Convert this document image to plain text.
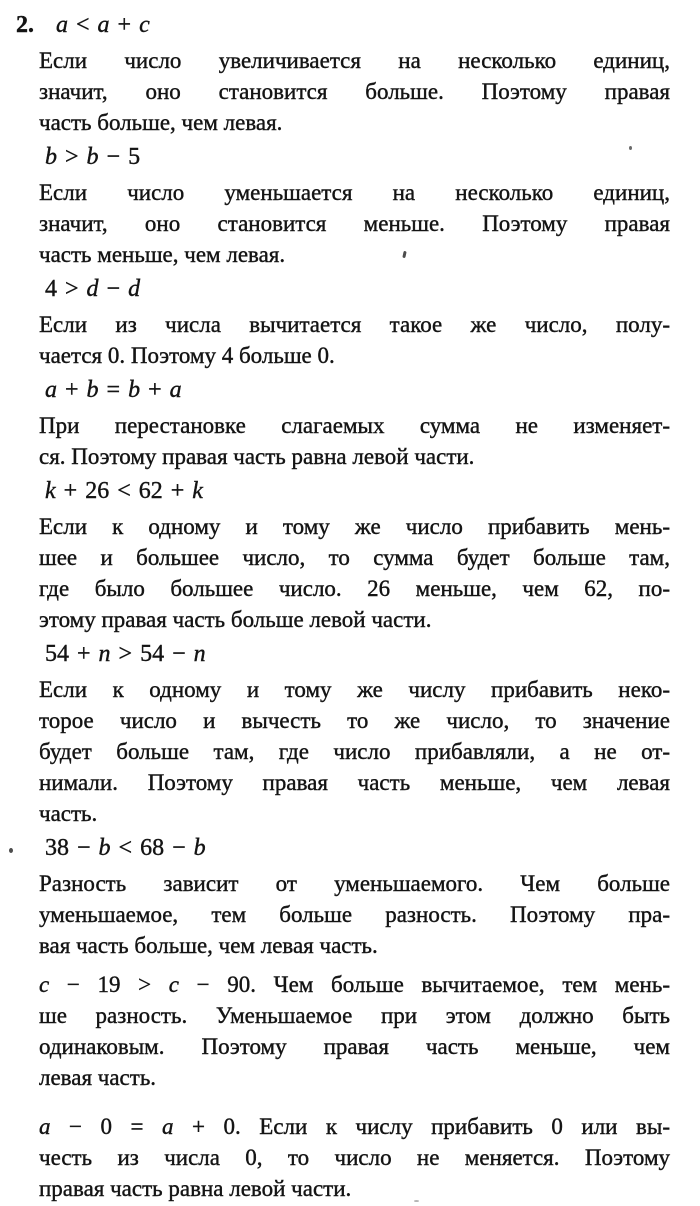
2. a < a + c
Если число увеличивается на несколько единиц,
значит, оно становится больше. Поэтому правая
часть больше, чем левая.
b > b − 5
Если число уменьшается на несколько единиц,
значит, оно становится меньше. Поэтому правая
часть меньше, чем левая.
4 > d − d
Если из числа вычитается такое же число, полу-
чается 0. Поэтому 4 больше 0.
a + b = b + a
При перестановке слагаемых сумма не изменяет-
ся. Поэтому правая часть равна левой части.
k + 26 < 62 + k
Если к одному и тому же число прибавить мень-
шее и большее число, то сумма будет больше там,
где было большее число. 26 меньше, чем 62, по-
этому правая часть больше левой части.
54 + n > 54 − n
Если к одному и тому же числу прибавить неко-
торое число и вычесть то же число, то значение
будет больше там, где число прибавляли, а не от-
нимали. Поэтому правая часть меньше, чем левая
часть.
38 − b < 68 − b
Разность зависит от уменьшаемого. Чем больше
уменьшаемое, тем больше разность. Поэтому пра-
вая часть больше, чем левая часть.
c − 19 > c − 90. Чем больше вычитаемое, тем мень-
ше разность. Уменьшаемое при этом должно быть
одинаковым. Поэтому правая часть меньше, чем
левая часть.
a − 0 = a + 0. Если к числу прибавить 0 или вы-
честь из числа 0, то число не меняется. Поэтому
правая часть равна левой части.
